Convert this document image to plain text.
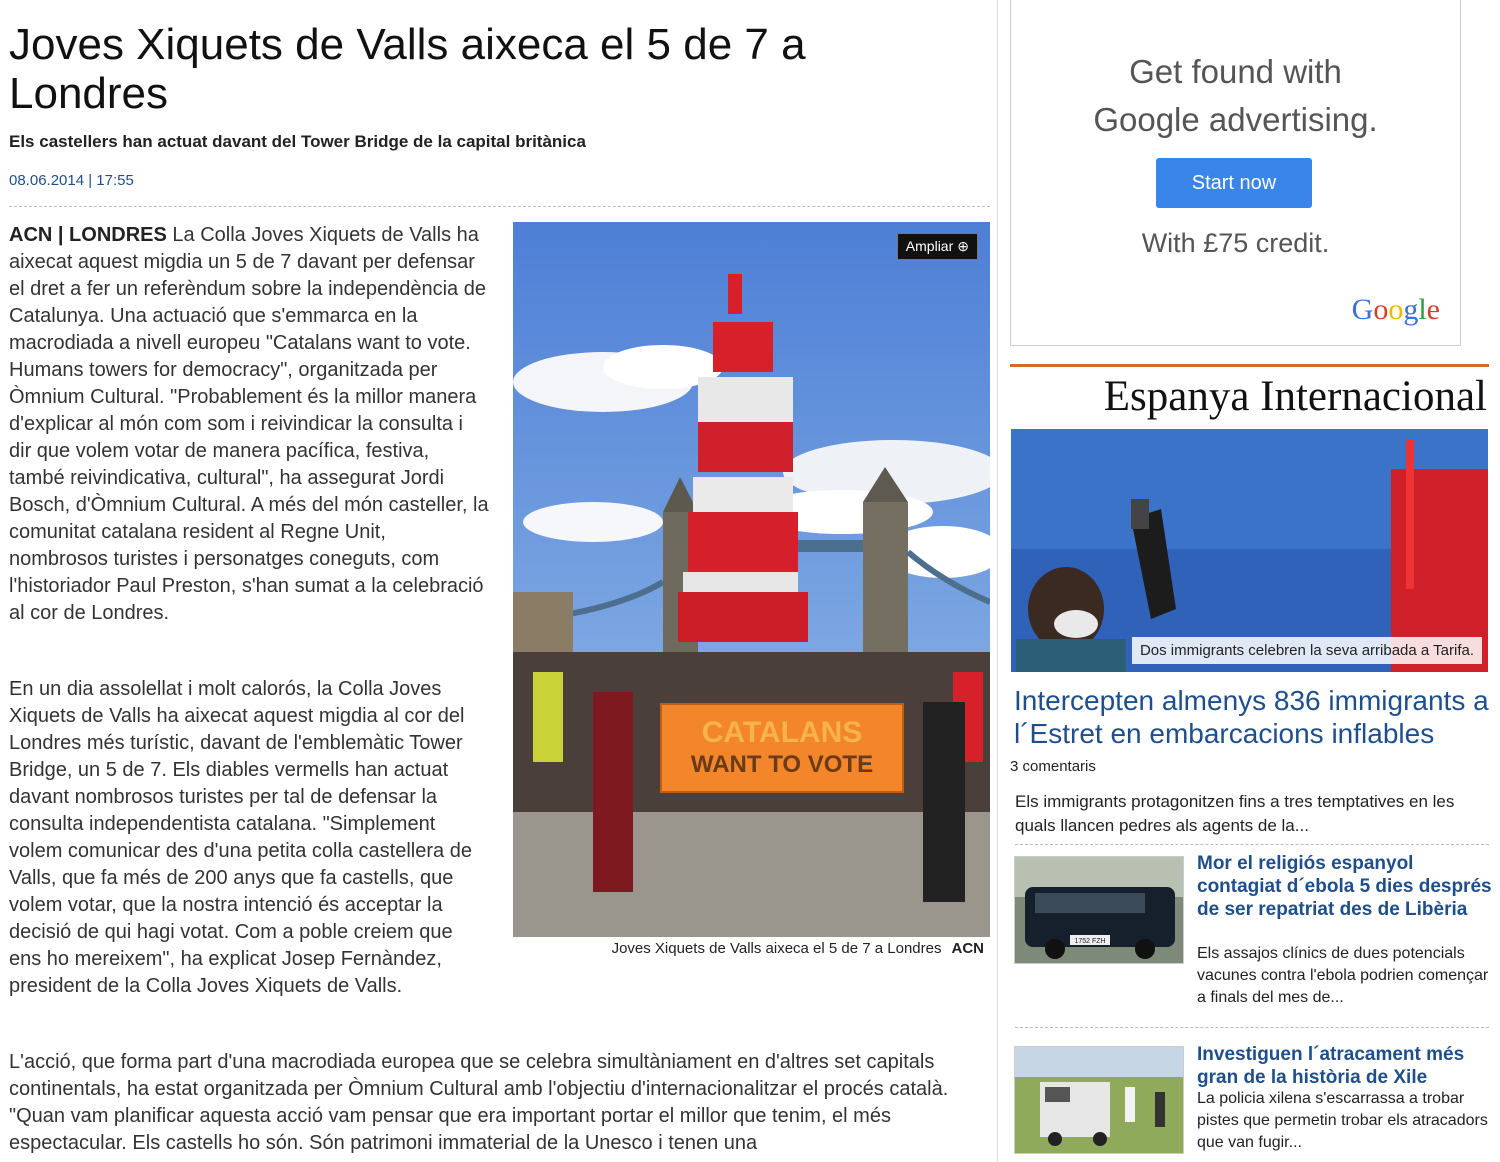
Joves Xiquets de Valls aixeca el 5 de 7 a Londres

Els castellers han actuat davant del Tower Bridge de la capital britànica

08.06.2014 | 17:55

ACN | LONDRES La Colla Joves Xiquets de Valls ha aixecat aquest migdia un 5 de 7 davant per defensar el dret a fer un referèndum sobre la independència de Catalunya. Una actuació que s'emmarca en la macrodiada a nivell europeu "Catalans want to vote. Humans towers for democracy", organitzada per Òmnium Cultural. "Probablement és la millor manera d'explicar al món com som i reivindicar la consulta i dir que volem votar de manera pacífica, festiva, també reivindicativa, cultural", ha assegurat Jordi Bosch, d'Òmnium Cultural. A més del món casteller, la comunitat catalana resident al Regne Unit, nombrosos turistes i personatges coneguts, com l'historiador Paul Preston, s'han sumat a la celebració al cor de Londres.

CATALANS
WANT TO VOTE
Ampliar ⊕
Joves Xiquets de Valls aixeca el 5 de 7 a Londres ACN

En un dia assolellat i molt calorós, la Colla Joves Xiquets de Valls ha aixecat aquest migdia al cor del Londres més turístic, davant de l'emblemàtic Tower Bridge, un 5 de 7. Els diables vermells han actuat davant nombrosos turistes per tal de defensar la consulta independentista catalana. "Simplement volem comunicar des d'una petita colla castellera de Valls, que fa més de 200 anys que fa castells, que volem votar, que la nostra intenció és acceptar la decisió de qui hagi votat. Com a poble creiem que ens ho mereixem", ha explicat Josep Fernàndez, president de la Colla Joves Xiquets de Valls.

L'acció, que forma part d'una macrodiada europea que se celebra simultàniament en d'altres set capitals continentals, ha estat organitzada per Òmnium Cultural amb l'objectiu d'internacionalitzar el procés català. "Quan vam planificar aquesta acció vam pensar que era important portar el millor que tenim, el més espectacular. Els castells ho són. Són patrimoni immaterial de la Unesco i tenen una

Get found with
Google advertising.
Start now
With £75 credit.
Google
Espanya Internacional
Dos immigrants celebren la seva arribada a Tarifa.
Intercepten almenys 836 immigrants a l´Estret en embarcacions inflables
3 comentaris
Els immigrants protagonitzen fins a tres temptatives en les quals llancen pedres als agents de la...
1752 FZH
Mor el religiós espanyol contagiat d´ebola 5 dies després de ser repatriat des de Libèria
Els assajos clínics de dues potencials vacunes contra l'ebola podrien començar a finals del mes de...
Investiguen l´atracament més gran de la història de Xile
La policia xilena s'escarrassa a trobar pistes que permetin trobar els atracadors que van fugir...
